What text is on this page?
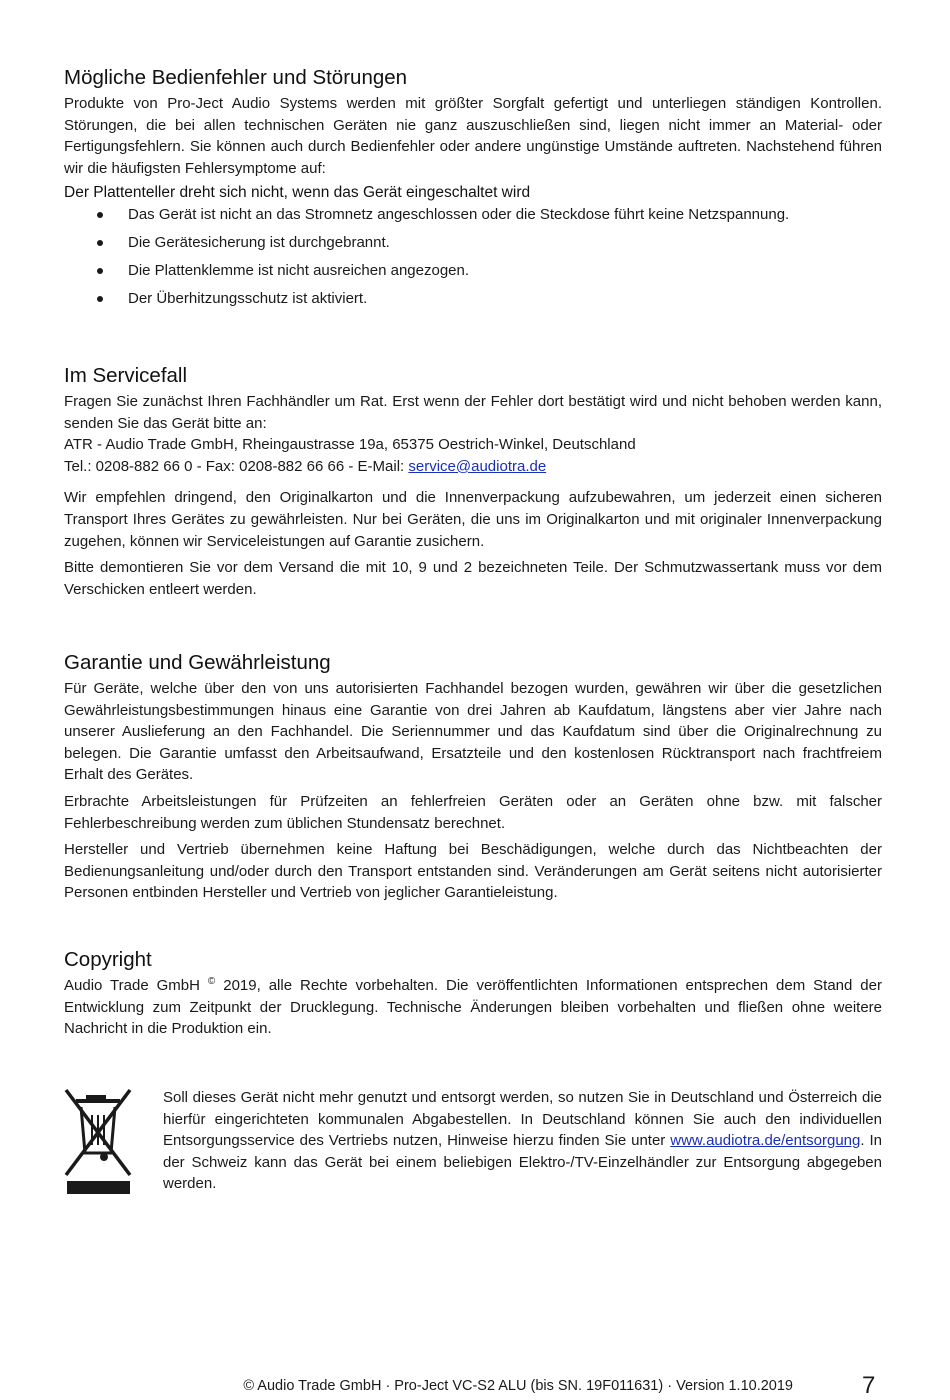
Mögliche Bedienfehler und Störungen

Produkte von Pro-Ject Audio Systems werden mit größter Sorgfalt gefertigt und unterliegen ständigen Kontrollen. Störungen, die bei allen technischen Geräten nie ganz auszuschließen sind, liegen nicht immer an Material- oder Fertigungsfehlern. Sie können auch durch Bedienfehler oder andere ungünstige Umstände auftreten. Nachstehend führen wir die häufigsten Fehlersymptome auf:

Der Plattenteller dreht sich nicht, wenn das Gerät eingeschaltet wird
Das Gerät ist nicht an das Stromnetz angeschlossen oder die Steckdose führt keine Netzspannung.
Die Gerätesicherung ist durchgebrannt.
Die Plattenklemme ist nicht ausreichen angezogen.
Der Überhitzungsschutz ist aktiviert.
Im Servicefall

Fragen Sie zunächst Ihren Fachhändler um Rat. Erst wenn der Fehler dort bestätigt wird und nicht behoben werden kann, senden Sie das Gerät bitte an:

ATR - Audio Trade GmbH, Rheingaustrasse 19a, 65375 Oestrich-Winkel, Deutschland

Tel.: 0208-882 66 0 - Fax: 0208-882 66 66 - E-Mail: service@audiotra.de

Wir empfehlen dringend, den Originalkarton und die Innenverpackung aufzubewahren, um jederzeit einen sicheren Transport Ihres Gerätes zu gewährleisten. Nur bei Geräten, die uns im Originalkarton und mit originaler Innenverpackung zugehen, können wir Serviceleistungen auf Garantie zusichern.

Bitte demontieren Sie vor dem Versand die mit 10, 9 und 2 bezeichneten Teile. Der Schmutzwassertank muss vor dem Verschicken entleert werden.

Garantie und Gewährleistung

Für Geräte, welche über den von uns autorisierten Fachhandel bezogen wurden, gewähren wir über die gesetzlichen Gewährleistungsbestimmungen hinaus eine Garantie von drei Jahren ab Kaufdatum, längstens aber vier Jahre nach unserer Auslieferung an den Fachhandel. Die Seriennummer und das Kaufdatum sind über die Originalrechnung zu belegen. Die Garantie umfasst den Arbeitsaufwand, Ersatzteile und den kostenlosen Rücktransport nach frachtfreiem Erhalt des Gerätes.

Erbrachte Arbeitsleistungen für Prüfzeiten an fehlerfreien Geräten oder an Geräten ohne bzw. mit falscher Fehlerbeschreibung werden zum üblichen Stundensatz berechnet.

Hersteller und Vertrieb übernehmen keine Haftung bei Beschädigungen, welche durch das Nichtbeachten der Bedienungsanleitung und/oder durch den Transport entstanden sind. Veränderungen am Gerät seitens nicht autorisierter Personen entbinden Hersteller und Vertrieb von jeglicher Garantieleistung.

Copyright

Audio Trade GmbH © 2019, alle Rechte vorbehalten. Die veröffentlichten Informationen entsprechen dem Stand der Entwicklung zum Zeitpunkt der Drucklegung. Technische Änderungen bleiben vorbehalten und fließen ohne weitere Nachricht in die Produktion ein.

Soll dieses Gerät nicht mehr genutzt und entsorgt werden, so nutzen Sie in Deutschland und Österreich die hierfür eingerichteten kommunalen Abgabestellen. In Deutschland können Sie auch den individuellen Entsorgungsservice des Vertriebs nutzen, Hinweise hierzu finden Sie unter www.audiotra.de/entsorgung. In der Schweiz kann das Gerät bei einem beliebigen Elektro-/TV-Einzelhändler zur Entsorgung abgegeben werden.

© Audio Trade GmbH · Pro-Ject VC-S2 ALU (bis SN. 19F011631) · Version 1.10.2019	7
